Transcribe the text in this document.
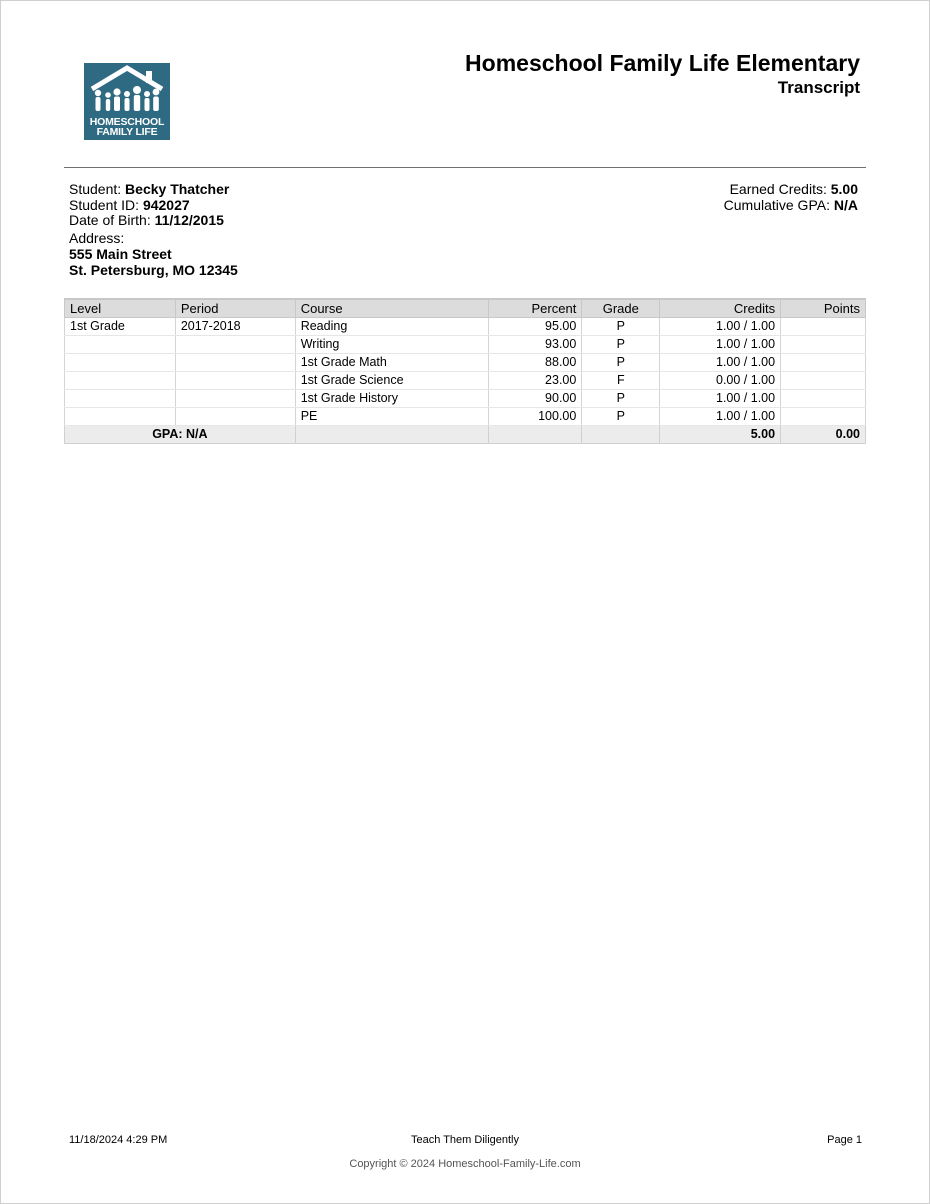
HOMESCHOOL
FAMILY LIFE
Homeschool Family Life Elementary
Transcript
Student: Becky Thatcher
Student ID: 942027
Date of Birth: 11/12/2015
Address:
555 Main Street
St. Petersburg, MO 12345
Earned Credits: 5.00
Cumulative GPA: N/A
Level	Period	Course	Percent	Grade	Credits	Points
1st Grade	2017-2018	Reading	95.00	P	1.00 / 1.00	
		Writing	93.00	P	1.00 / 1.00	
		1st Grade Math	88.00	P	1.00 / 1.00	
		1st Grade Science	23.00	F	0.00 / 1.00	
		1st Grade History	90.00	P	1.00 / 1.00	
		PE	100.00	P	1.00 / 1.00	
GPA: N/A					5.00	0.00
11/18/2024 4:29 PM	Teach Them Diligently	Page 1
Copyright © 2024 Homeschool-Family-Life.com
